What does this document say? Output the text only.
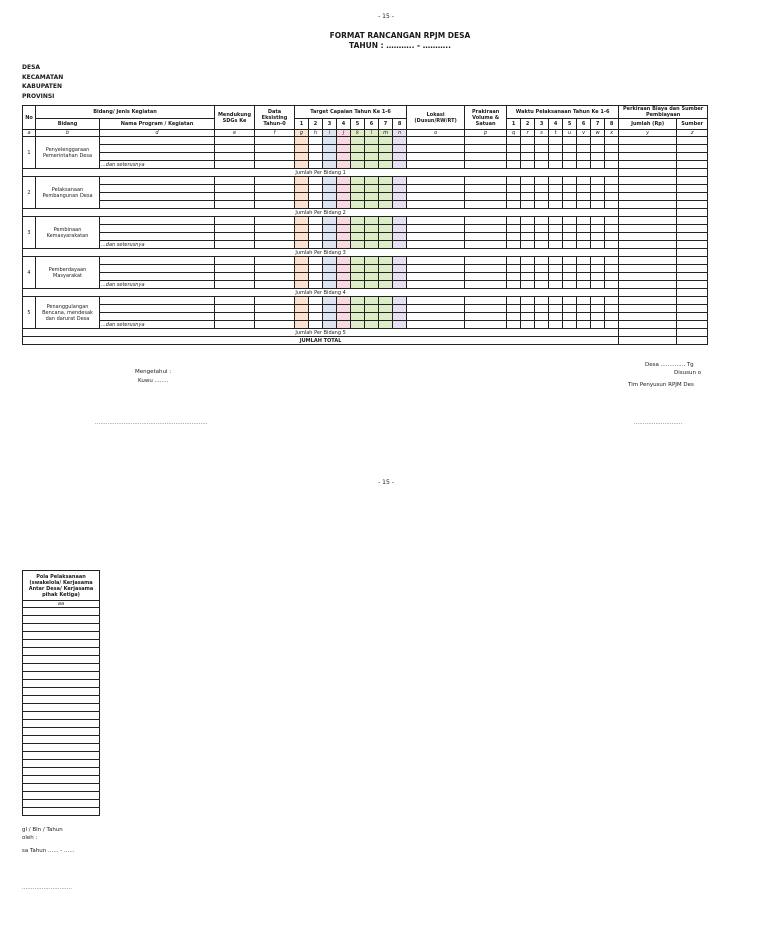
- 15 -
FORMAT RANCANGAN RPJM DESA
TAHUN : ……….. - ………..
DESA
KECAMATAN
KABUPATEN
PROVINSI
No	Bidang/ Jenis Kegiatan		Mendukung SDGs Ke	Data Eksisting Tahun-0	Target Capaian Tahun Ke 1-6								Lokasi (Dusun/RW/RT)	Prakiraan Volume & Satuan	Waktu Pelaksanaan Tahun Ke 1-6								Perkiraan Biaya dan Sumber Pembiayaan	
	Bidang	Nama Program / Kegiatan			1	2	3	4	5	6	7	8			1	2	3	4	5	6	7	8	Jumlah (Rp)	Sumber
a	b	d	e	f	g	h	i	j	k	l	m	n	o	p	q	r	s	t	u	v	w	x	y	z
1	Penyelenggaraan Pemerintahan Desa																							

		...dan seterusnya																						
Jumlah Per Bidang 1																								
2	Pelaksanaan Pembangunan Desa																							

Jumlah Per Bidang 2																								
3	Pembinaan Kemasyarakatan																							

		...dan seterusnya																						
Jumlah Per Bidang 3																								
4	Pemberdayaan Masyarakat																							

		...dan seterusnya																						
Jumlah Per Bidang 4																								
5	Penanggulangan Bencana, mendesak dan darurat Desa																							

		...dan seterusnya																						
Jumlah Per Bidang 5																								
JUMLAH TOTAL																								
Mengetahui :
Kuwu ........
Desa .............. Tg
Disusun o
Tim Penyusun RPJM Des
...............................................................	...........................
- 15 -
Pola Pelaksanaan (swakelola/ Kerjasama Antar Desa/ Kerjasama pihak Ketiga)
aa

gl / Bln / Tahun
oleh :
sa Tahun ...... - ......
............................
